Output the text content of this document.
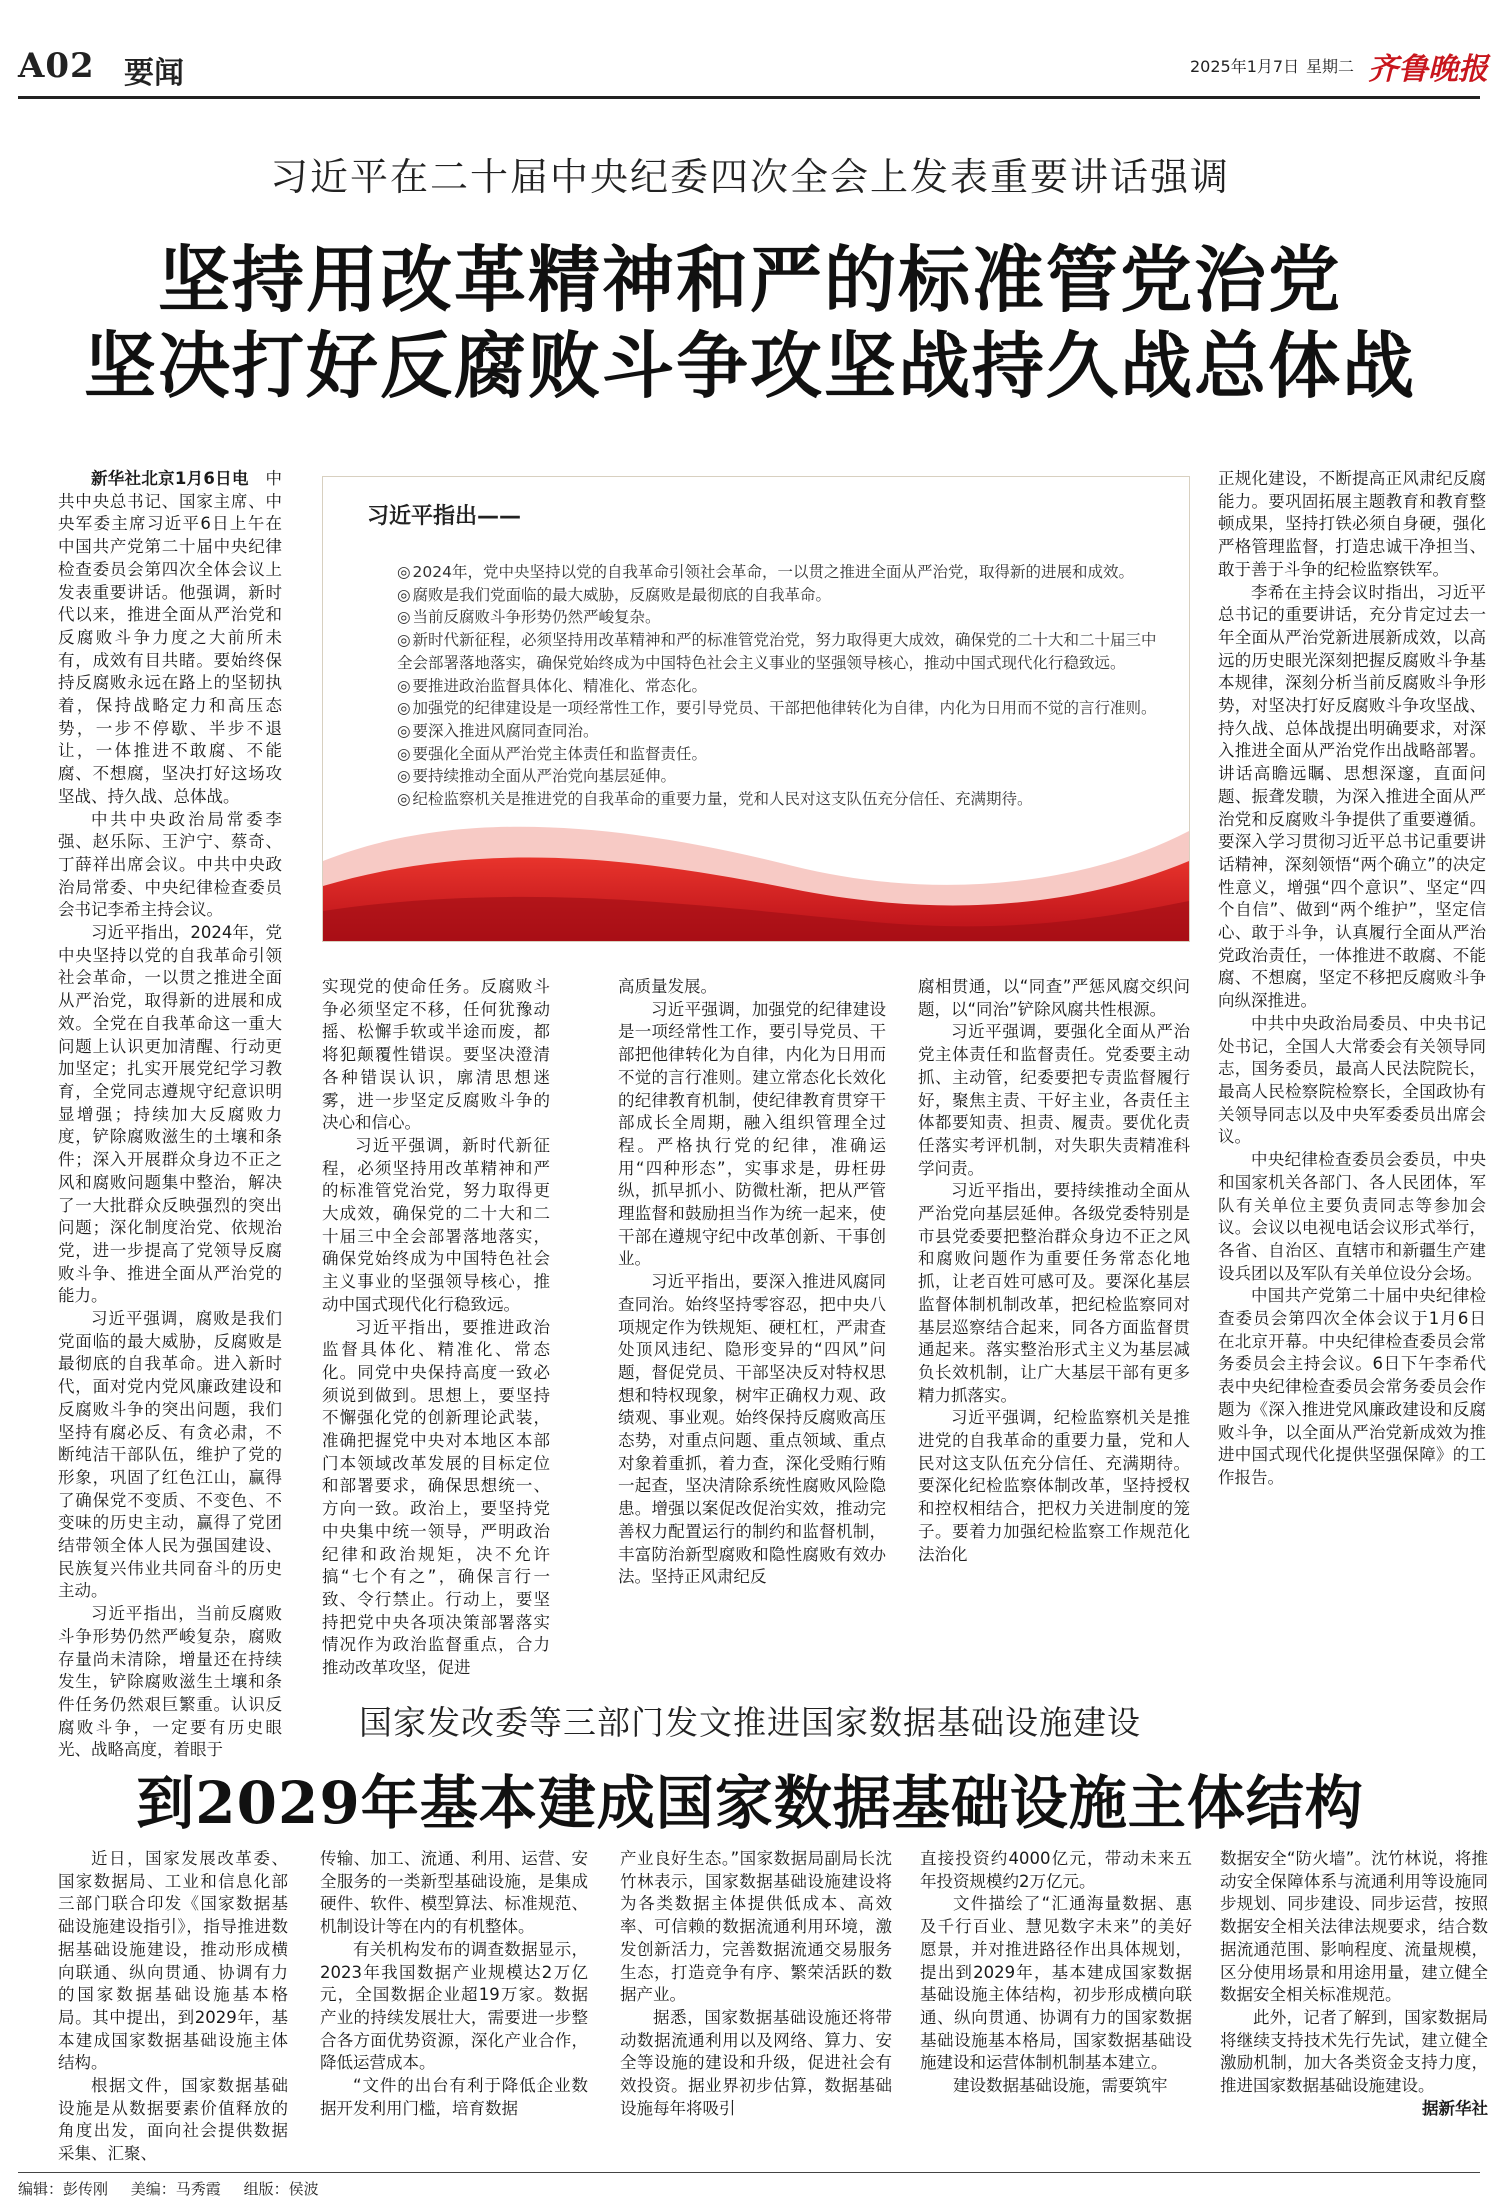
A02 要闻	2025年1月7日 星期二 齐鲁晚报
习近平在二十届中央纪委四次全会上发表重要讲话强调
坚持用改革精神和严的标准管党治党
坚决打好反腐败斗争攻坚战持久战总体战

新华社北京1月6日电　 中共中央总书记、国家主席、中央军委主席习近平6日上午在中国共产党第二十届中央纪律检查委员会第四次全体会议上发表重要讲话。他强调，新时代以来，推进全面从严治党和反腐败斗争力度之大前所未有，成效有目共睹。要始终保持反腐败永远在路上的坚韧执着，保持战略定力和高压态势，一步不停歇、半步不退让，一体推进不敢腐、不能腐、不想腐，坚决打好这场攻坚战、持久战、总体战。

中共中央政治局常委李强、赵乐际、王沪宁、蔡奇、丁薛祥出席会议。中共中央政治局常委、中央纪律检查委员会书记李希主持会议。

习近平指出，2024年，党中央坚持以党的自我革命引领社会革命，一以贯之推进全面从严治党，取得新的进展和成效。全党在自我革命这一重大问题上认识更加清醒、行动更加坚定；扎实开展党纪学习教育，全党同志遵规守纪意识明显增强；持续加大反腐败力度，铲除腐败滋生的土壤和条件；深入开展群众身边不正之风和腐败问题集中整治，解决了一大批群众反映强烈的突出问题；深化制度治党、依规治党，进一步提高了党领导反腐败斗争、推进全面从严治党的能力。

习近平强调，腐败是我们党面临的最大威胁，反腐败是最彻底的自我革命。进入新时代，面对党内党风廉政建设和反腐败斗争的突出问题，我们坚持有腐必反、有贪必肃，不断纯洁干部队伍，维护了党的形象，巩固了红色江山，赢得了确保党不变质、不变色、不变味的历史主动，赢得了党团结带领全体人民为强国建设、民族复兴伟业共同奋斗的历史主动。

习近平指出，当前反腐败斗争形势仍然严峻复杂，腐败存量尚未清除，增量还在持续发生，铲除腐败滋生土壤和条件任务仍然艰巨繁重。认识反腐败斗争，一定要有历史眼光、战略高度，着眼于

习近平指出——
◎ 2024年，党中央坚持以党的自我革命引领社会革命，一以贯之推进全面从严治党，取得新的进展和成效。
◎ 腐败是我们党面临的最大威胁，反腐败是最彻底的自我革命。
◎ 当前反腐败斗争形势仍然严峻复杂。
◎ 新时代新征程，必须坚持用改革精神和严的标准管党治党，努力取得更大成效，确保党的二十大和二十届三中全会部署落地落实，确保党始终成为中国特色社会主义事业的坚强领导核心，推动中国式现代化行稳致远。
◎ 要推进政治监督具体化、精准化、常态化。
◎ 加强党的纪律建设是一项经常性工作，要引导党员、干部把他律转化为自律，内化为日用而不觉的言行准则。
◎ 要深入推进风腐同查同治。
◎ 要强化全面从严治党主体责任和监督责任。
◎ 要持续推动全面从严治党向基层延伸。
◎ 纪检监察机关是推进党的自我革命的重要力量，党和人民对这支队伍充分信任、充满期待。

实现党的使命任务。反腐败斗争必须坚定不移，任何犹豫动摇、松懈手软或半途而废，都将犯颠覆性错误。要坚决澄清各种错误认识，廓清思想迷雾，进一步坚定反腐败斗争的决心和信心。

习近平强调，新时代新征程，必须坚持用改革精神和严的标准管党治党，努力取得更大成效，确保党的二十大和二十届三中全会部署落地落实，确保党始终成为中国特色社会主义事业的坚强领导核心，推动中国式现代化行稳致远。

习近平指出，要推进政治监督具体化、精准化、常态化。同党中央保持高度一致必须说到做到。思想上，要坚持不懈强化党的创新理论武装，准确把握党中央对本地区本部门本领域改革发展的目标定位和部署要求，确保思想统一、方向一致。政治上，要坚持党中央集中统一领导，严明政治纪律和政治规矩，决不允许搞“七个有之”，确保言行一致、令行禁止。行动上，要坚持把党中央各项决策部署落实情况作为政治监督重点，合力推动改革攻坚，促进

高质量发展。

习近平强调，加强党的纪律建设是一项经常性工作，要引导党员、干部把他律转化为自律，内化为日用而不觉的言行准则。建立常态化长效化的纪律教育机制，使纪律教育贯穿干部成长全周期，融入组织管理全过程。严格执行党的纪律，准确运用“四种形态”，实事求是，毋枉毋纵，抓早抓小、防微杜渐，把从严管理监督和鼓励担当作为统一起来，使干部在遵规守纪中改革创新、干事创业。

习近平指出，要深入推进风腐同查同治。始终坚持零容忍，把中央八项规定作为铁规矩、硬杠杠，严肃查处顶风违纪、隐形变异的“四风”问题，督促党员、干部坚决反对特权思想和特权现象，树牢正确权力观、政绩观、事业观。始终保持反腐败高压态势，对重点问题、重点领域、重点对象着重抓，着力查，深化受贿行贿一起查，坚决清除系统性腐败风险隐患。增强以案促改促治实效，推动完善权力配置运行的制约和监督机制，丰富防治新型腐败和隐性腐败有效办法。坚持正风肃纪反

腐相贯通，以“同查”严惩风腐交织问题，以“同治”铲除风腐共性根源。

习近平强调，要强化全面从严治党主体责任和监督责任。党委要主动抓、主动管，纪委要把专责监督履行好，聚焦主责、干好主业，各责任主体都要知责、担责、履责。要优化责任落实考评机制，对失职失责精准科学问责。

习近平指出，要持续推动全面从严治党向基层延伸。各级党委特别是市县党委要把整治群众身边不正之风和腐败问题作为重要任务常态化地抓，让老百姓可感可及。要深化基层监督体制机制改革，把纪检监察同对基层巡察结合起来，同各方面监督贯通起来。落实整治形式主义为基层减负长效机制，让广大基层干部有更多精力抓落实。

习近平强调，纪检监察机关是推进党的自我革命的重要力量，党和人民对这支队伍充分信任、充满期待。要深化纪检监察体制改革，坚持授权和控权相结合，把权力关进制度的笼子。要着力加强纪检监察工作规范化法治化

正规化建设，不断提高正风肃纪反腐能力。要巩固拓展主题教育和教育整顿成果，坚持打铁必须自身硬，强化严格管理监督，打造忠诚干净担当、敢于善于斗争的纪检监察铁军。

李希在主持会议时指出，习近平总书记的重要讲话，充分肯定过去一年全面从严治党新进展新成效，以高远的历史眼光深刻把握反腐败斗争基本规律，深刻分析当前反腐败斗争形势，对坚决打好反腐败斗争攻坚战、持久战、总体战提出明确要求，对深入推进全面从严治党作出战略部署。讲话高瞻远瞩、思想深邃，直面问题、振聋发聩，为深入推进全面从严治党和反腐败斗争提供了重要遵循。要深入学习贯彻习近平总书记重要讲话精神，深刻领悟“两个确立”的决定性意义，增强“四个意识”、坚定“四个自信”、做到“两个维护”，坚定信心、敢于斗争，认真履行全面从严治党政治责任，一体推进不敢腐、不能腐、不想腐，坚定不移把反腐败斗争向纵深推进。

中共中央政治局委员、中央书记处书记，全国人大常委会有关领导同志，国务委员，最高人民法院院长，最高人民检察院检察长，全国政协有关领导同志以及中央军委委员出席会议。

中央纪律检查委员会委员，中央和国家机关各部门、各人民团体，军队有关单位主要负责同志等参加会议。会议以电视电话会议形式举行，各省、自治区、直辖市和新疆生产建设兵团以及军队有关单位设分会场。

中国共产党第二十届中央纪律检查委员会第四次全体会议于1月6日在北京开幕。中央纪律检查委员会常务委员会主持会议。6日下午李希代表中央纪律检查委员会常务委员会作题为《深入推进党风廉政建设和反腐败斗争，以全面从严治党新成效为推进中国式现代化提供坚强保障》的工作报告。

国家发改委等三部门发文推进国家数据基础设施建设
到2029年基本建成国家数据基础设施主体结构

近日，国家发展改革委、国家数据局、工业和信息化部三部门联合印发《国家数据基础设施建设指引》，指导推进数据基础设施建设，推动形成横向联通、纵向贯通、协调有力的国家数据基础设施基本格局。其中提出，到2029年，基本建成国家数据基础设施主体结构。

根据文件，国家数据基础设施是从数据要素价值释放的角度出发，面向社会提供数据采集、汇聚、

传输、加工、流通、利用、运营、安全服务的一类新型基础设施，是集成硬件、软件、模型算法、标准规范、机制设计等在内的有机整体。

有关机构发布的调查数据显示，2023年我国数据产业规模达2万亿元，全国数据企业超19万家。数据产业的持续发展壮大，需要进一步整合各方面优势资源，深化产业合作，降低运营成本。

“文件的出台有利于降低企业数据开发利用门槛，培育数据

产业良好生态。”国家数据局副局长沈竹林表示，国家数据基础设施建设将为各类数据主体提供低成本、高效率、可信赖的数据流通利用环境，激发创新活力，完善数据流通交易服务生态，打造竞争有序、繁荣活跃的数据产业。

据悉，国家数据基础设施还将带动数据流通利用以及网络、算力、安全等设施的建设和升级，促进社会有效投资。据业界初步估算，数据基础设施每年将吸引

直接投资约4000亿元，带动未来五年投资规模约2万亿元。

文件描绘了“汇通海量数据、惠及千行百业、慧见数字未来”的美好愿景，并对推进路径作出具体规划，提出到2029年，基本建成国家数据基础设施主体结构，初步形成横向联通、纵向贯通、协调有力的国家数据基础设施基本格局，国家数据基础设施建设和运营体制机制基本建立。

建设数据基础设施，需要筑牢

数据安全“防火墙”。沈竹林说，将推动安全保障体系与流通利用等设施同步规划、同步建设、同步运营，按照数据安全相关法律法规要求，结合数据流通范围、影响程度、流量规模，区分使用场景和用途用量，建立健全数据安全相关标准规范。

此外，记者了解到，国家数据局将继续支持技术先行先试，建立健全激励机制，加大各类资金支持力度，推进国家数据基础设施建设。

据新华社

编辑：彭传刚 美编：马秀霞 组版：侯波
